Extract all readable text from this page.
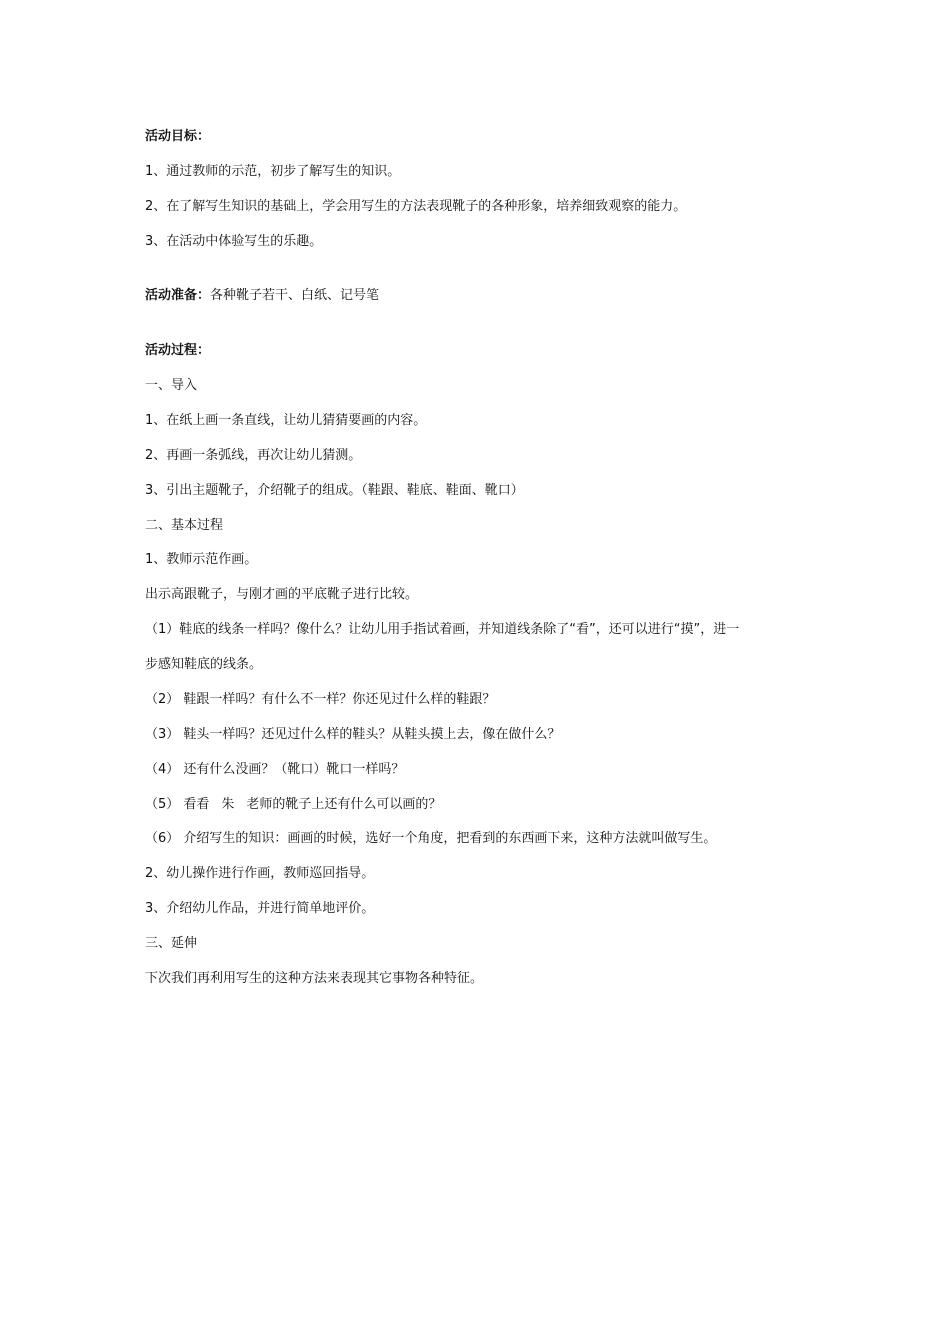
活动目标：
1、通过教师的示范，初步了解写生的知识。
2、在了解写生知识的基础上，学会用写生的方法表现靴子的各种形象，培养细致观察的能力。
3、在活动中体验写生的乐趣。
活动准备：各种靴子若干、白纸、记号笔
活动过程：
一、导入
1、在纸上画一条直线，让幼儿猜猜要画的内容。
2、再画一条弧线，再次让幼儿猜测。
3、引出主题靴子，介绍靴子的组成。（鞋跟、鞋底、鞋面、靴口）
二、基本过程
1、教师示范作画。
出示高跟靴子，与刚才画的平底靴子进行比较。
（1）鞋底的线条一样吗？像什么？让幼儿用手指试着画，并知道线条除了“看”，还可以进行“摸”，进一
步感知鞋底的线条。
（2） 鞋跟一样吗？有什么不一样？你还见过什么样的鞋跟？
（3） 鞋头一样吗？还见过什么样的鞋头？从鞋头摸上去，像在做什么？
（4） 还有什么没画？（靴口）靴口一样吗？
（5） 看看 朱 老师的靴子上还有什么可以画的？
（6） 介绍写生的知识：画画的时候，选好一个角度，把看到的东西画下来，这种方法就叫做写生。
2、幼儿操作进行作画，教师巡回指导。
3、介绍幼儿作品，并进行简单地评价。
三、延伸
下次我们再利用写生的这种方法来表现其它事物各种特征。
